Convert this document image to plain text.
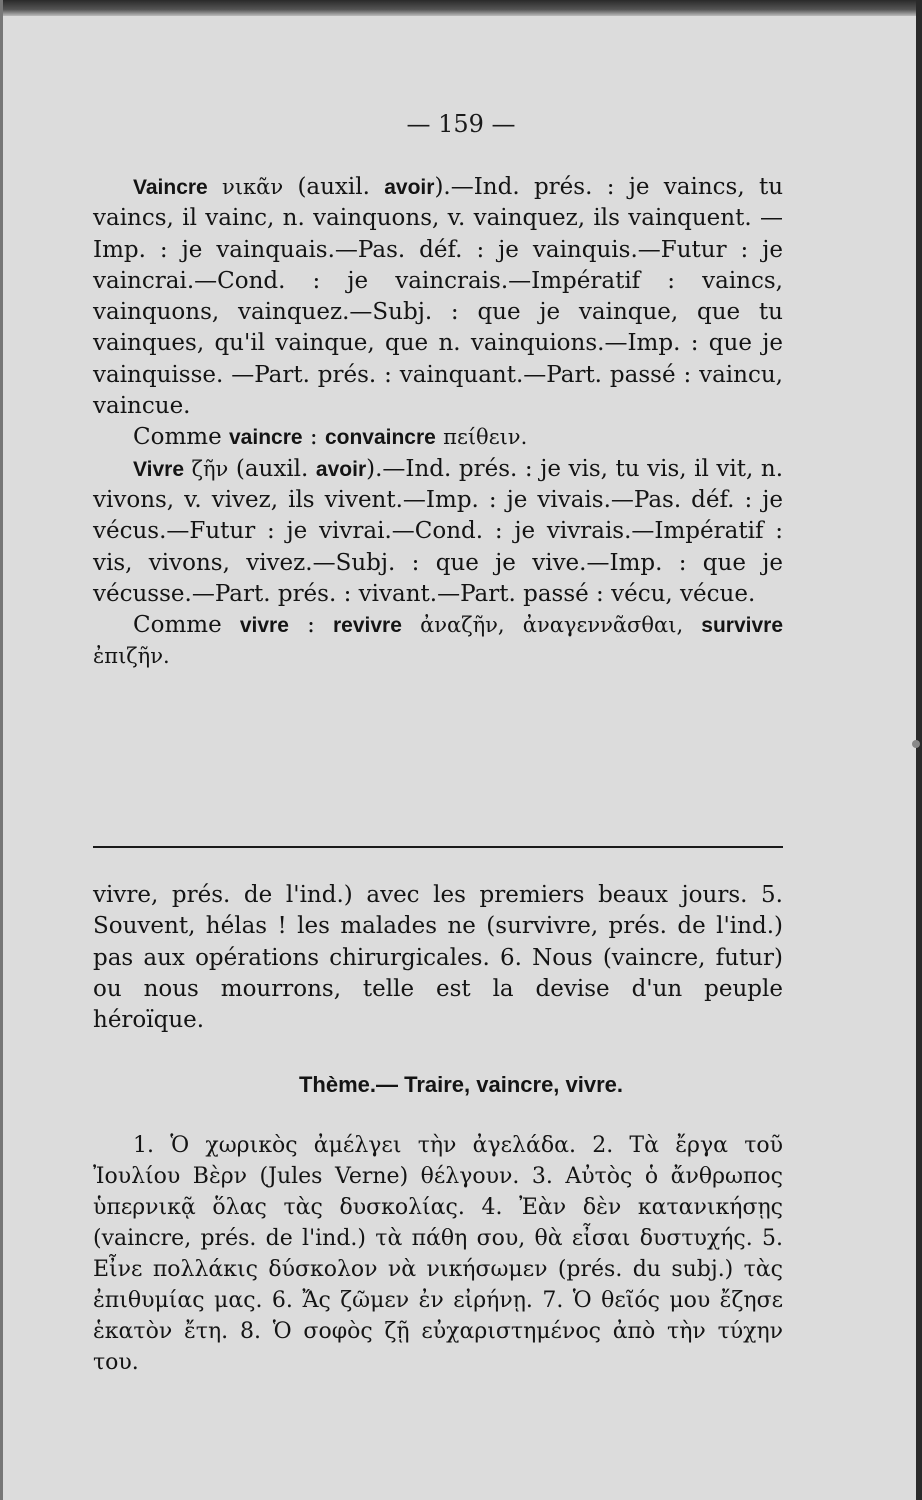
— 159 —

Vaincre νικᾶν (auxil. avoir).—Ind. prés. : je vaincs, tu vaincs, il vainc, n. vainquons, v. vainquez, ils vainquent. —Imp. : je vainquais.—Pas. déf. : je vainquis.—Futur : je vaincrai.—Cond. : je vaincrais.—Impératif : vaincs, vainquons, vainquez.—Subj. : que je vainque, que tu vainques, qu'il vainque, que n. vainquions.—Imp. : que je vainquisse. —Part. prés. : vainquant.—Part. passé : vaincu, vaincue.

Comme vaincre : convaincre πείθειν.

Vivre ζῆν (auxil. avoir).—Ind. prés. : je vis, tu vis, il vit, n. vivons, v. vivez, ils vivent.—Imp. : je vivais.—Pas. déf. : je vécus.—Futur : je vivrai.—Cond. : je vivrais.—Impératif : vis, vivons, vivez.—Subj. : que je vive.—Imp. : que je vécusse.—Part. prés. : vivant.—Part. passé : vécu, vécue.

Comme vivre : revivre ἀναζῆν, ἀναγεννᾶσθαι, survivre ἐπιζῆν.

vivre, prés. de l'ind.) avec les premiers beaux jours. 5. Souvent, hélas ! les malades ne (survivre, prés. de l'ind.) pas aux opérations chirurgicales. 6. Nous (vaincre, futur) ou nous mourrons, telle est la devise d'un peuple héroïque.

Thème.— Traire, vaincre, vivre.

1. Ὁ χωρικὸς ἀμέλγει τὴν ἀγελάδα. 2. Τὰ ἔργα τοῦ Ἰουλίου Βὲρν (Jules Verne) θέλγουν. 3. Αὐτὸς ὁ ἄνθρωπος ὑπερνικᾷ ὅλας τὰς δυσκολίας. 4. Ἐὰν δὲν κατανικήσῃς (vaincre, prés. de l'ind.) τὰ πάθη σου, θὰ εἶσαι δυστυχής. 5. Εἶνε πολλάκις δύσκολον νὰ νικήσωμεν (prés. du subj.) τὰς ἐπιθυμίας μας. 6. Ἄς ζῶμεν ἐν εἰρήνῃ. 7. Ὁ θεῖός μου ἔζησε ἑκατὸν ἔτη. 8. Ὁ σοφὸς ζῇ εὐχαριστημένος ἀπὸ τὴν τύχην του.
